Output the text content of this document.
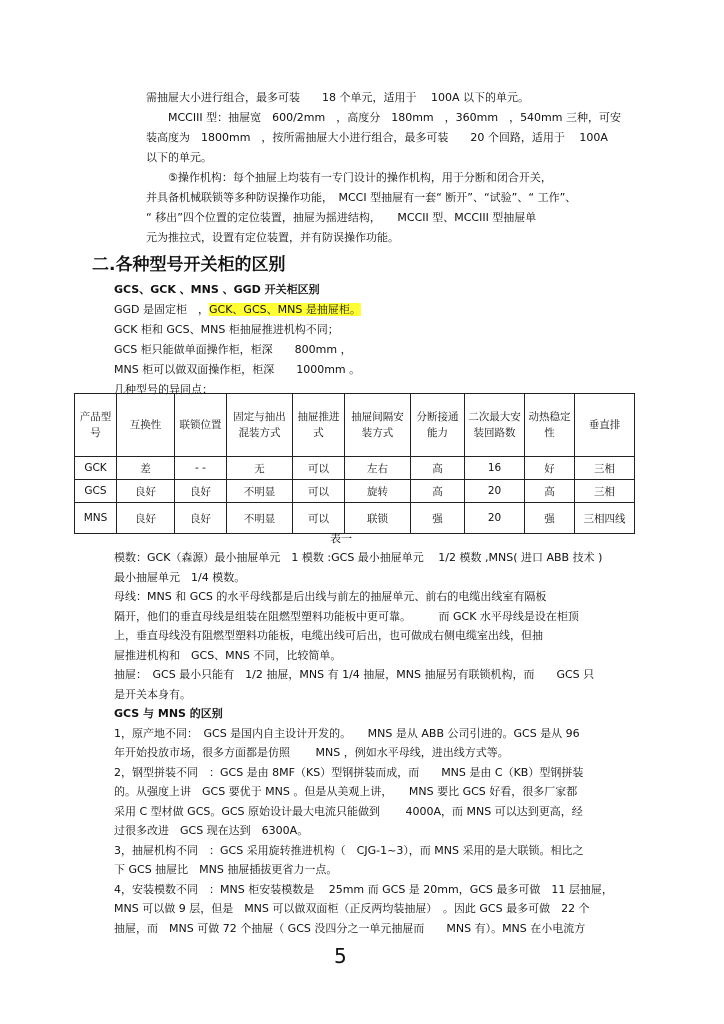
需抽屉大小进行组合，最多可装　　18 个单元，适用于　 100A 以下的单元。
　　MCCIII 型：抽屉宽　600/2mm　，高度分　180mm　，360mm　，540mm 三种，可安
装高度为　1800mm　，按所需抽屉大小进行组合，最多可装　　20 个回路，适用于　 100A
以下的单元。
　　⑤操作机构：每个抽屉上均装有一专门设计的操作机构，用于分断和闭合开关，
并具备机械联锁等多种防误操作功能，　MCCI 型抽屉有一套“ 断开”、“试验”、“ 工作”、
“ 移出”四个位置的定位装置，抽屉为摇进结构，　　MCCII 型、MCCIII 型抽屉单
元为推拉式，设置有定位装置，并有防误操作功能。
二.各种型号开关柜的区别
GCS、GCK 、MNS 、GGD 开关柜区别
GGD 是固定柜　，GCK、GCS、MNS 是抽屉柜。
GCK 柜和 GCS、MNS 柜抽屉推进机构不同；
GCS 柜只能做单面操作柜，柜深　　800mm ，
MNS 柜可以做双面操作柜，柜深　　1000mm 。
几种型号的异同点：
产品型号	互换性	联锁位置	固定与抽出混装方式	抽屉推进式	抽屉间隔安装方式	分断接通能力	二次最大安装回路数	动热稳定性	垂直排
GCK	差	- -	无	可以	左右	高	16	好	三相
GCS	良好	良好	不明显	可以	旋转	高	20	高	三相
MNS	良好	良好	不明显	可以	联锁	强	20	强	三相四线
表一
模数：GCK（森源）最小抽屉单元　1 模数 :GCS 最小抽屉单元　 1/2 模数 ,MNS( 进口 ABB 技术 )
最小抽屉单元　1/4 模数。
母线：MNS 和 GCS 的水平母线都是后出线与前左的抽屉单元、前右的电缆出线室有隔板
隔开，他们的垂直母线是组装在阻燃型塑料功能板中更可靠。　　　而 GCK 水平母线是设在柜顶
上，垂直母线没有阻燃型塑料功能板，电缆出线可后出，也可做成右侧电缆室出线，但抽
屉推进机构和　GCS、MNS 不同，比较简单。
抽屉：　GCS 最小只能有　1/2 抽屉，MNS 有 1/4 抽屉，MNS 抽屉另有联锁机构，而　　GCS 只
是开关本身有。
GCS 与 MNS 的区别
1，原产地不同：　GCS 是国内自主设计开发的。　　MNS 是从 ABB 公司引进的。GCS 是从 96
年开始投放市场，很多方面都是仿照　　 MNS ，例如水平母线，进出线方式等。
2，钢型拼装不同　：GCS 是由 8MF（KS）型钢拼装而成，而　　MNS 是由 C（KB）型钢拼装
的。从强度上讲　GCS 要优于 MNS 。但是从美观上讲，　　MNS 要比 GCS 好看，很多厂家都
采用 C 型材做 GCS。GCS 原始设计最大电流只能做到　　 4000A，而 MNS 可以达到更高，经
过很多改进　GCS 现在达到　6300A。
3，抽屉机构不同　：GCS 采用旋转推进机构（　CJG-1~3），而 MNS 采用的是大联锁。相比之
下 GCS 抽屉比　MNS 抽屉插拔更省力一点。
4，安装模数不同　：MNS 柜安装模数是　 25mm 而 GCS 是 20mm，GCS 最多可做　11 层抽屉，
MNS 可以做 9 层，但是　MNS 可以做双面柜（正反两均装抽屉）　。因此 GCS 最多可做　22 个
抽屉，而　MNS 可做 72 个抽屉（ GCS 没四分之一单元抽屉而　　MNS 有）。MNS 在小电流方
5
